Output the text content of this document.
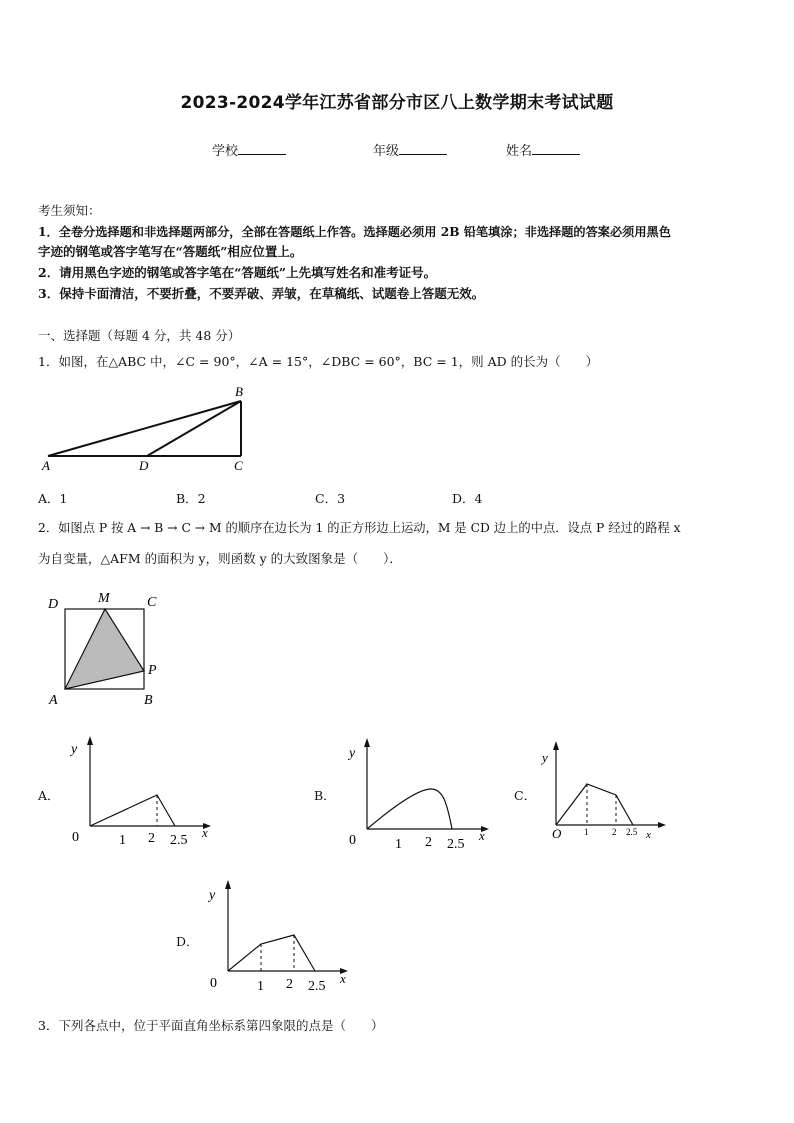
2023-2024学年江苏省部分市区八上数学期末考试试题
学校	年级	姓名
考生须知：
1．全卷分选择题和非选择题两部分，全部在答题纸上作答。选择题必须用 2B 铅笔填涂；非选择题的答案必须用黑色
字迹的钢笔或答字笔写在“答题纸”相应位置上。
2．请用黑色字迹的钢笔或答字笔在“答题纸”上先填写姓名和准考证号。
3．保持卡面清洁，不要折叠，不要弄破、弄皱，在草稿纸、试题卷上答题无效。
一、选择题（每题 4 分，共 48 分）
1．如图，在△ABC 中，∠C = 90°，∠A = 15°，∠DBC = 60°，BC = 1，则 AD 的长为（　　）
A	D	C
B
A．1	B．2	C．3	D．4
2．如图点 P 按 A → B → C → M 的顺序在边长为 1 的正方形边上运动，M 是 CD 边上的中点．设点 P 经过的路程 x
为自变量，△AFM 的面积为 y，则函数 y 的大致图象是（　　）．
D	M	C
P
A	B
A．
y
x
0	1 2 2.5
B．
y
x
0	1 2 2.5
C．
y
x
O	1	2 2.5
D．
y
x
0	1 2 2.5
3．下列各点中，位于平面直角坐标系第四象限的点是（　　）
